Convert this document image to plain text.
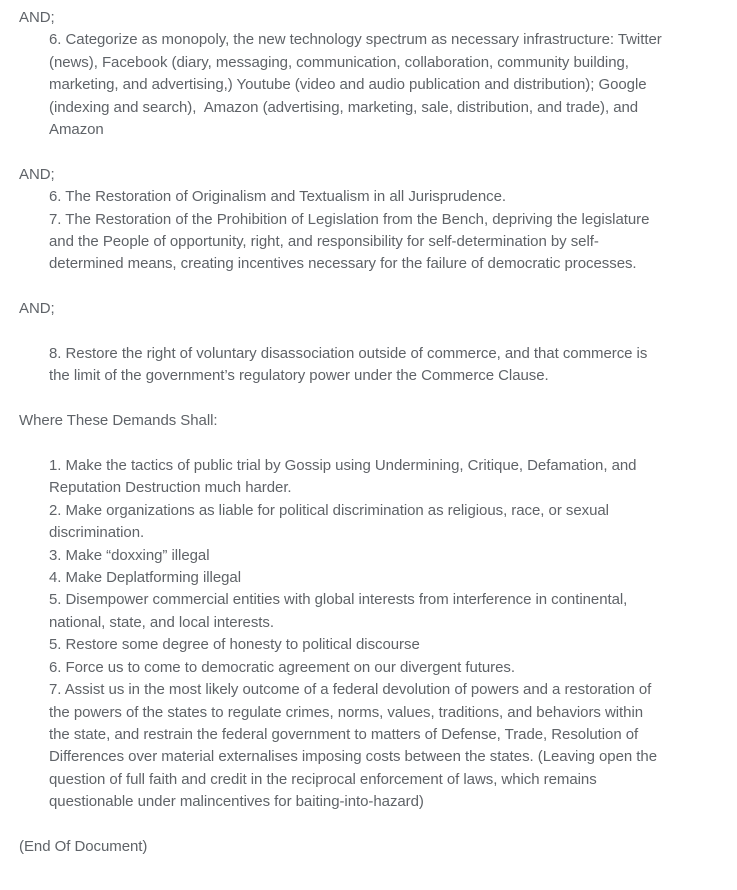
AND;
6. Categorize as monopoly, the new technology spectrum as necessary infrastructure: Twitter
(news), Facebook (diary, messaging, communication, collaboration, community building,
marketing, and advertising,) Youtube (video and audio publication and distribution); Google
(indexing and search),  Amazon (advertising, marketing, sale, distribution, and trade), and
Amazon
AND;
6. The Restoration of Originalism and Textualism in all Jurisprudence.
7. The Restoration of the Prohibition of Legislation from the Bench, depriving the legislature
and the People of opportunity, right, and responsibility for self-determination by self-
determined means, creating incentives necessary for the failure of democratic processes.
AND;
8. Restore the right of voluntary disassociation outside of commerce, and that commerce is
the limit of the government’s regulatory power under the Commerce Clause.
Where These Demands Shall:
1. Make the tactics of public trial by Gossip using Undermining, Critique, Defamation, and
Reputation Destruction much harder.
2. Make organizations as liable for political discrimination as religious, race, or sexual
discrimination.
3. Make “doxxing” illegal
4. Make Deplatforming illegal
5. Disempower commercial entities with global interests from interference in continental,
national, state, and local interests.
5. Restore some degree of honesty to political discourse
6. Force us to come to democratic agreement on our divergent futures.
7. Assist us in the most likely outcome of a federal devolution of powers and a restoration of
the powers of the states to regulate crimes, norms, values, traditions, and behaviors within
the state, and restrain the federal government to matters of Defense, Trade, Resolution of
Differences over material externalises imposing costs between the states. (Leaving open the
question of full faith and credit in the reciprocal enforcement of laws, which remains
questionable under malincentives for baiting-into-hazard)
(End Of Document)
